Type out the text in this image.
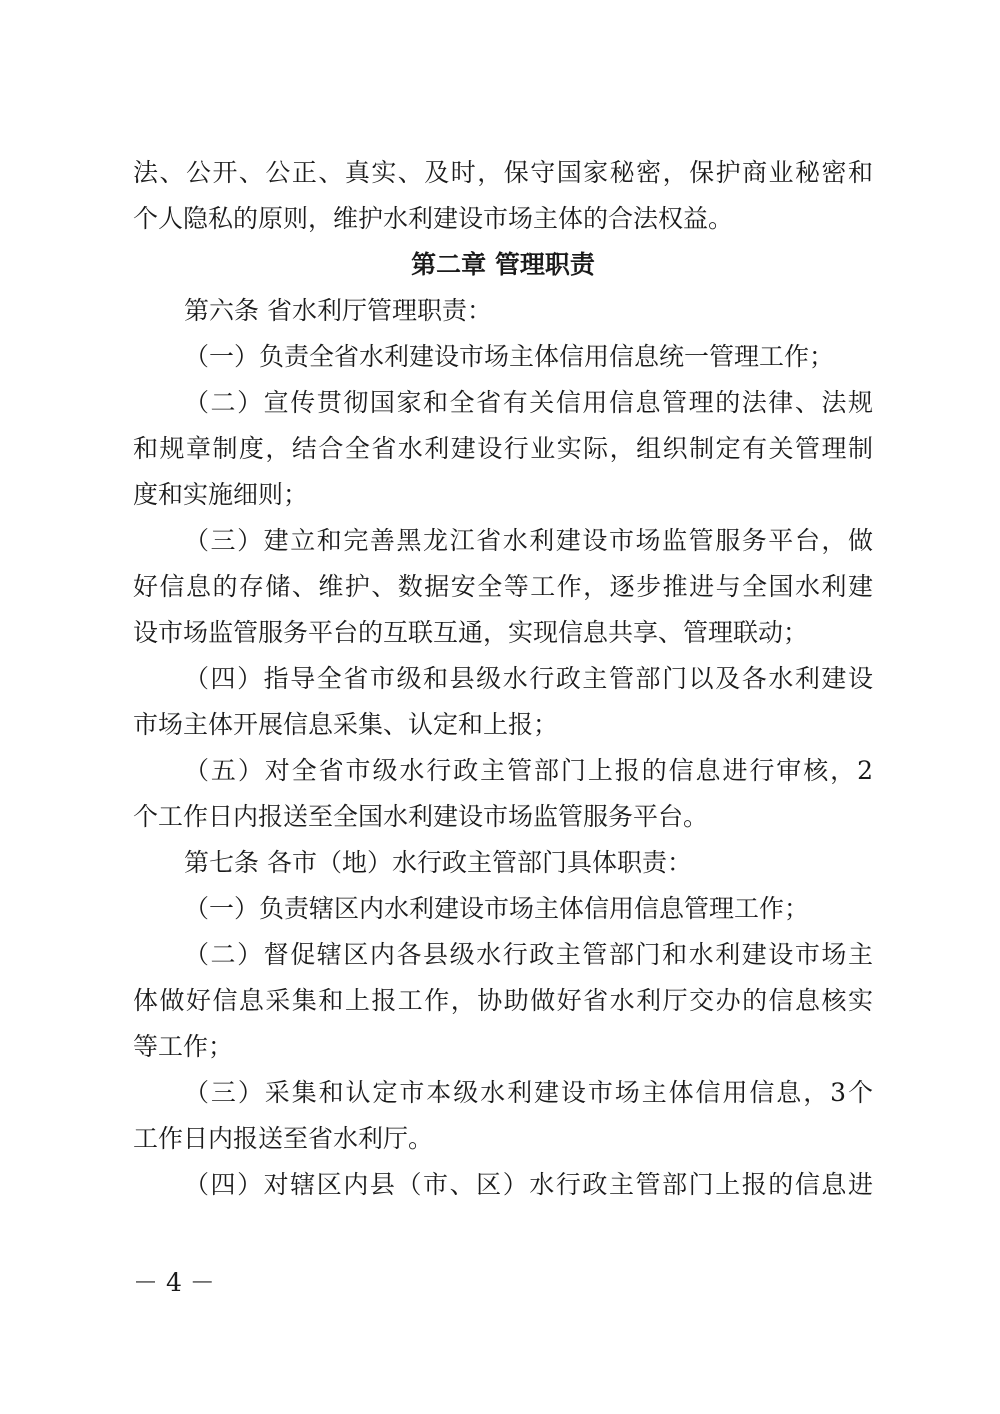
法、公开、公正、真实、及时，保守国家秘密，保护商业秘密和
个人隐私的原则，维护水利建设市场主体的合法权益。
第二章 管理职责
第六条 省水利厅管理职责：
（一）负责全省水利建设市场主体信用信息统一管理工作；
（二）宣传贯彻国家和全省有关信用信息管理的法律、法规
和规章制度，结合全省水利建设行业实际，组织制定有关管理制
度和实施细则；
（三）建立和完善黑龙江省水利建设市场监管服务平台，做
好信息的存储、维护、数据安全等工作，逐步推进与全国水利建
设市场监管服务平台的互联互通，实现信息共享、管理联动；
（四）指导全省市级和县级水行政主管部门以及各水利建设
市场主体开展信息采集、认定和上报；
（五）对全省市级水行政主管部门上报的信息进行审核，2
个工作日内报送至全国水利建设市场监管服务平台。
第七条 各市（地）水行政主管部门具体职责：
（一）负责辖区内水利建设市场主体信用信息管理工作；
（二）督促辖区内各县级水行政主管部门和水利建设市场主
体做好信息采集和上报工作，协助做好省水利厅交办的信息核实
等工作；
（三）采集和认定市本级水利建设市场主体信用信息，3个
工作日内报送至省水利厅。
（四）对辖区内县（市、区）水行政主管部门上报的信息进
－ 4 －
